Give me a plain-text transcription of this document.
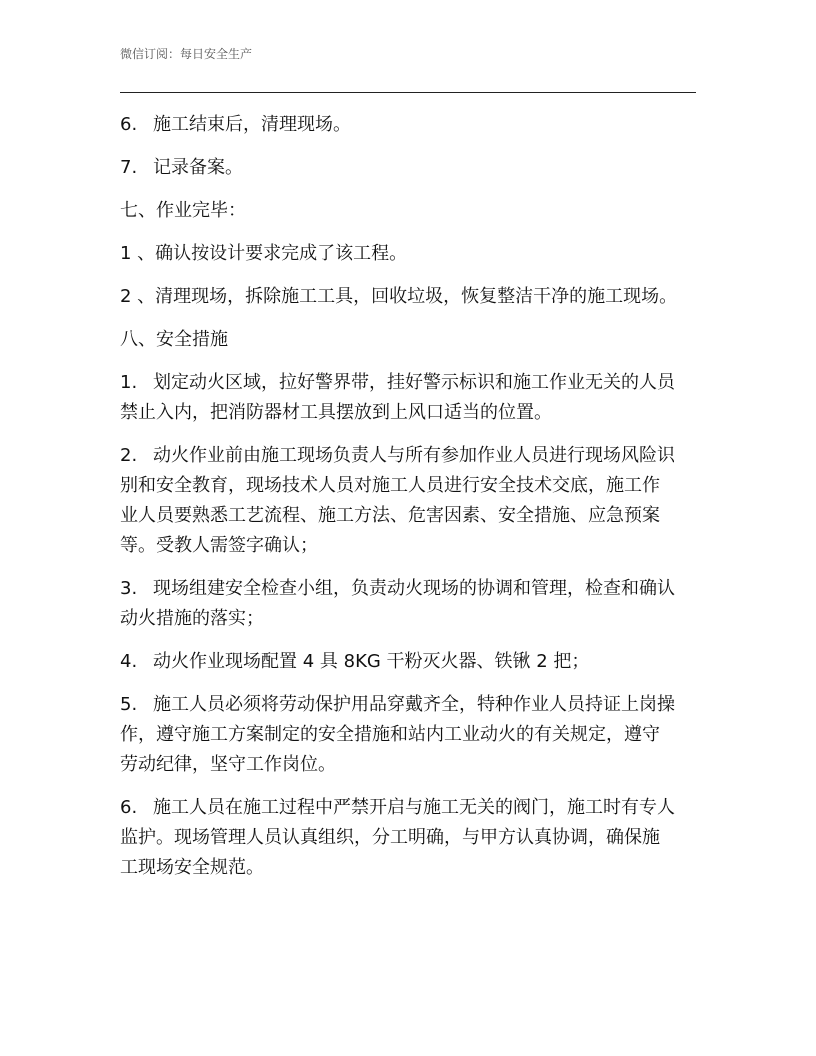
微信订阅：每日安全生产

6. 施工结束后，清理现场。

7. 记录备案。

七、作业完毕：

1 、确认按设计要求完成了该工程。

2 、清理现场，拆除施工工具，回收垃圾，恢复整洁干净的施工现场。

八、安全措施

1. 划定动火区域，拉好警界带，挂好警示标识和施工作业无关的人员
禁止入内，把消防器材工具摆放到上风口适当的位置。

2. 动火作业前由施工现场负责人与所有参加作业人员进行现场风险识
别和安全教育，现场技术人员对施工人员进行安全技术交底，施工作
业人员要熟悉工艺流程、施工方法、危害因素、安全措施、应急预案
等。受教人需签字确认；

3. 现场组建安全检查小组，负责动火现场的协调和管理，检查和确认
动火措施的落实；

4. 动火作业现场配置 4 具 8KG 干粉灭火器、铁锹 2 把；

5. 施工人员必须将劳动保护用品穿戴齐全，特种作业人员持证上岗操
作，遵守施工方案制定的安全措施和站内工业动火的有关规定，遵守
劳动纪律，坚守工作岗位。

6. 施工人员在施工过程中严禁开启与施工无关的阀门，施工时有专人
监护。现场管理人员认真组织，分工明确，与甲方认真协调，确保施
工现场安全规范。
